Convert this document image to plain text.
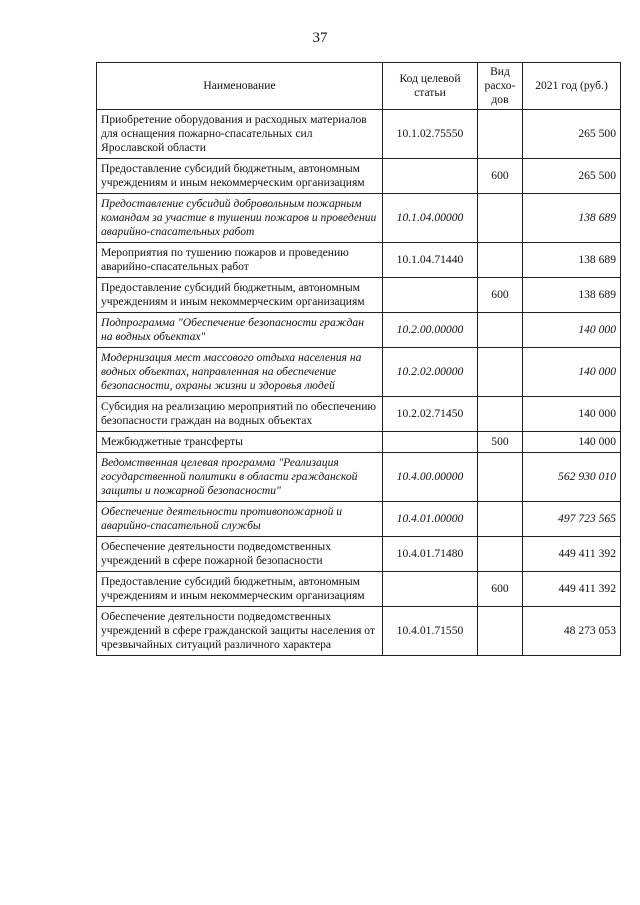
37
Наименование	Код целевой статьи	Вид расхо-дов	2021 год (руб.)
Приобретение оборудования и расходных материалов для оснащения пожарно-спасательных сил Ярославской области	10.1.02.75550		265 500
Предоставление субсидий бюджетным, автономным учреждениям и иным некоммерческим организациям		600	265 500
Предоставление субсидий добровольным пожарным командам за участие в тушении пожаров и проведении аварийно-спасательных работ	10.1.04.00000		138 689
Мероприятия по тушению пожаров и проведению аварийно-спасательных работ	10.1.04.71440		138 689
Предоставление субсидий бюджетным, автономным учреждениям и иным некоммерческим организациям		600	138 689
Подпрограмма "Обеспечение безопасности граждан на водных объектах"	10.2.00.00000		140 000
Модернизация мест массового отдыха населения на водных объектах, направленная на обеспечение безопасности, охраны жизни и здоровья людей	10.2.02.00000		140 000
Субсидия на реализацию мероприятий по обеспечению безопасности граждан на водных объектах	10.2.02.71450		140 000
Межбюджетные трансферты		500	140 000
Ведомственная целевая программа "Реализация государственной политики в области гражданской защиты и пожарной безопасности"	10.4.00.00000		562 930 010
Обеспечение деятельности противопожарной и аварийно-спасательной службы	10.4.01.00000		497 723 565
Обеспечение деятельности подведомственных учреждений в сфере пожарной безопасности	10.4.01.71480		449 411 392
Предоставление субсидий бюджетным, автономным учреждениям и иным некоммерческим организациям		600	449 411 392
Обеспечение деятельности подведомственных учреждений в сфере гражданской защиты населения от чрезвычайных ситуаций различного характера	10.4.01.71550		48 273 053
